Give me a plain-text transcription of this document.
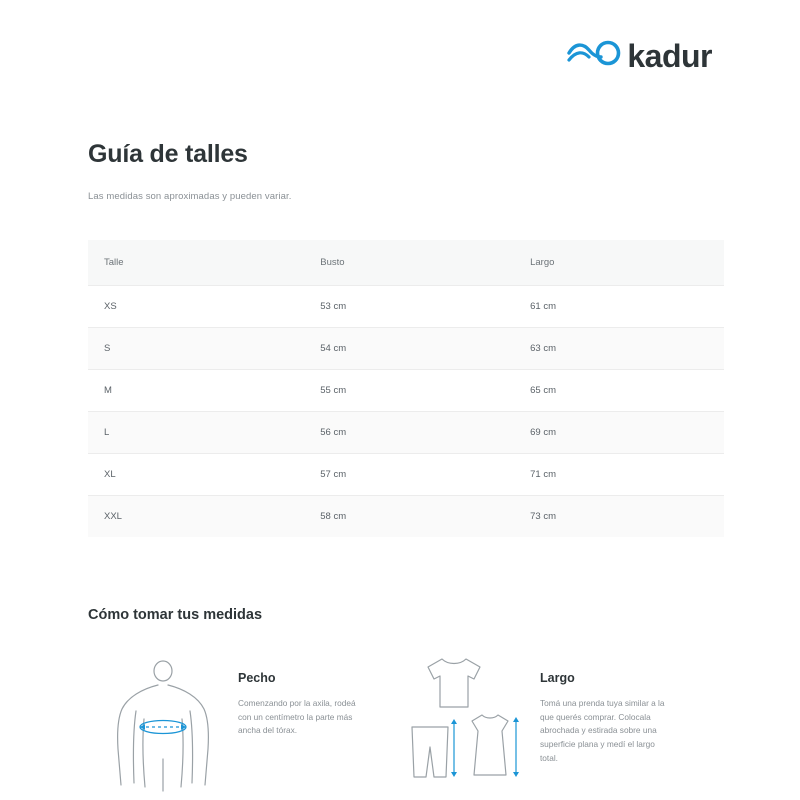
kadur
Guía de talles
Las medidas son aproximadas y pueden variar.
Talle	Busto	Largo
XS	53 cm	61 cm
S	54 cm	63 cm
M	55 cm	65 cm
L	56 cm	69 cm
XL	57 cm	71 cm
XXL	58 cm	73 cm
Cómo tomar tus medidas
Pecho

Comenzando por la axila, rodeá con un centímetro la parte más ancha del tórax.

Largo

Tomá una prenda tuya similar a la que querés comprar. Colocala abrochada y estirada sobre una superficie plana y medí el largo total.
